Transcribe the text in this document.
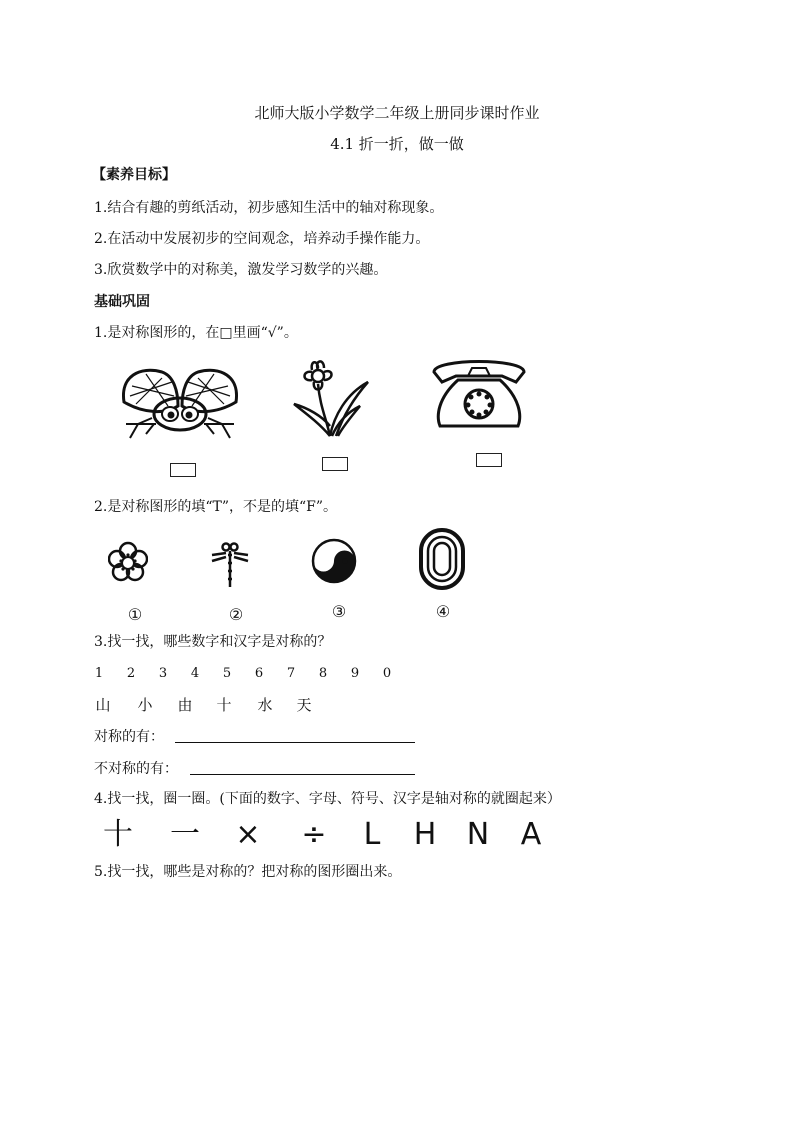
北师大版小学数学二年级上册同步课时作业
4.1 折一折，做一做
【素养目标】
1.结合有趣的剪纸活动，初步感知生活中的轴对称现象。
2.在活动中发展初步的空间观念，培养动手操作能力。
3.欣赏数学中的对称美，激发学习数学的兴趣。
基础巩固
1.是对称图形的，在□里画“√”。
2.是对称图形的填“T”，不是的填“F”。
①	②	③	④
3.找一找，哪些数字和汉字是对称的？
1 2 3 4 5 6 7 8 9 0
山 小 由 十 水 天
对称的有：
不对称的有：
4.找一找，圈一圈。(下面的数字、字母、符号、汉字是轴对称的就圈起来）
十 一 × ÷	L	H N	A
5.找一找，哪些是对称的？把对称的图形圈出来。
